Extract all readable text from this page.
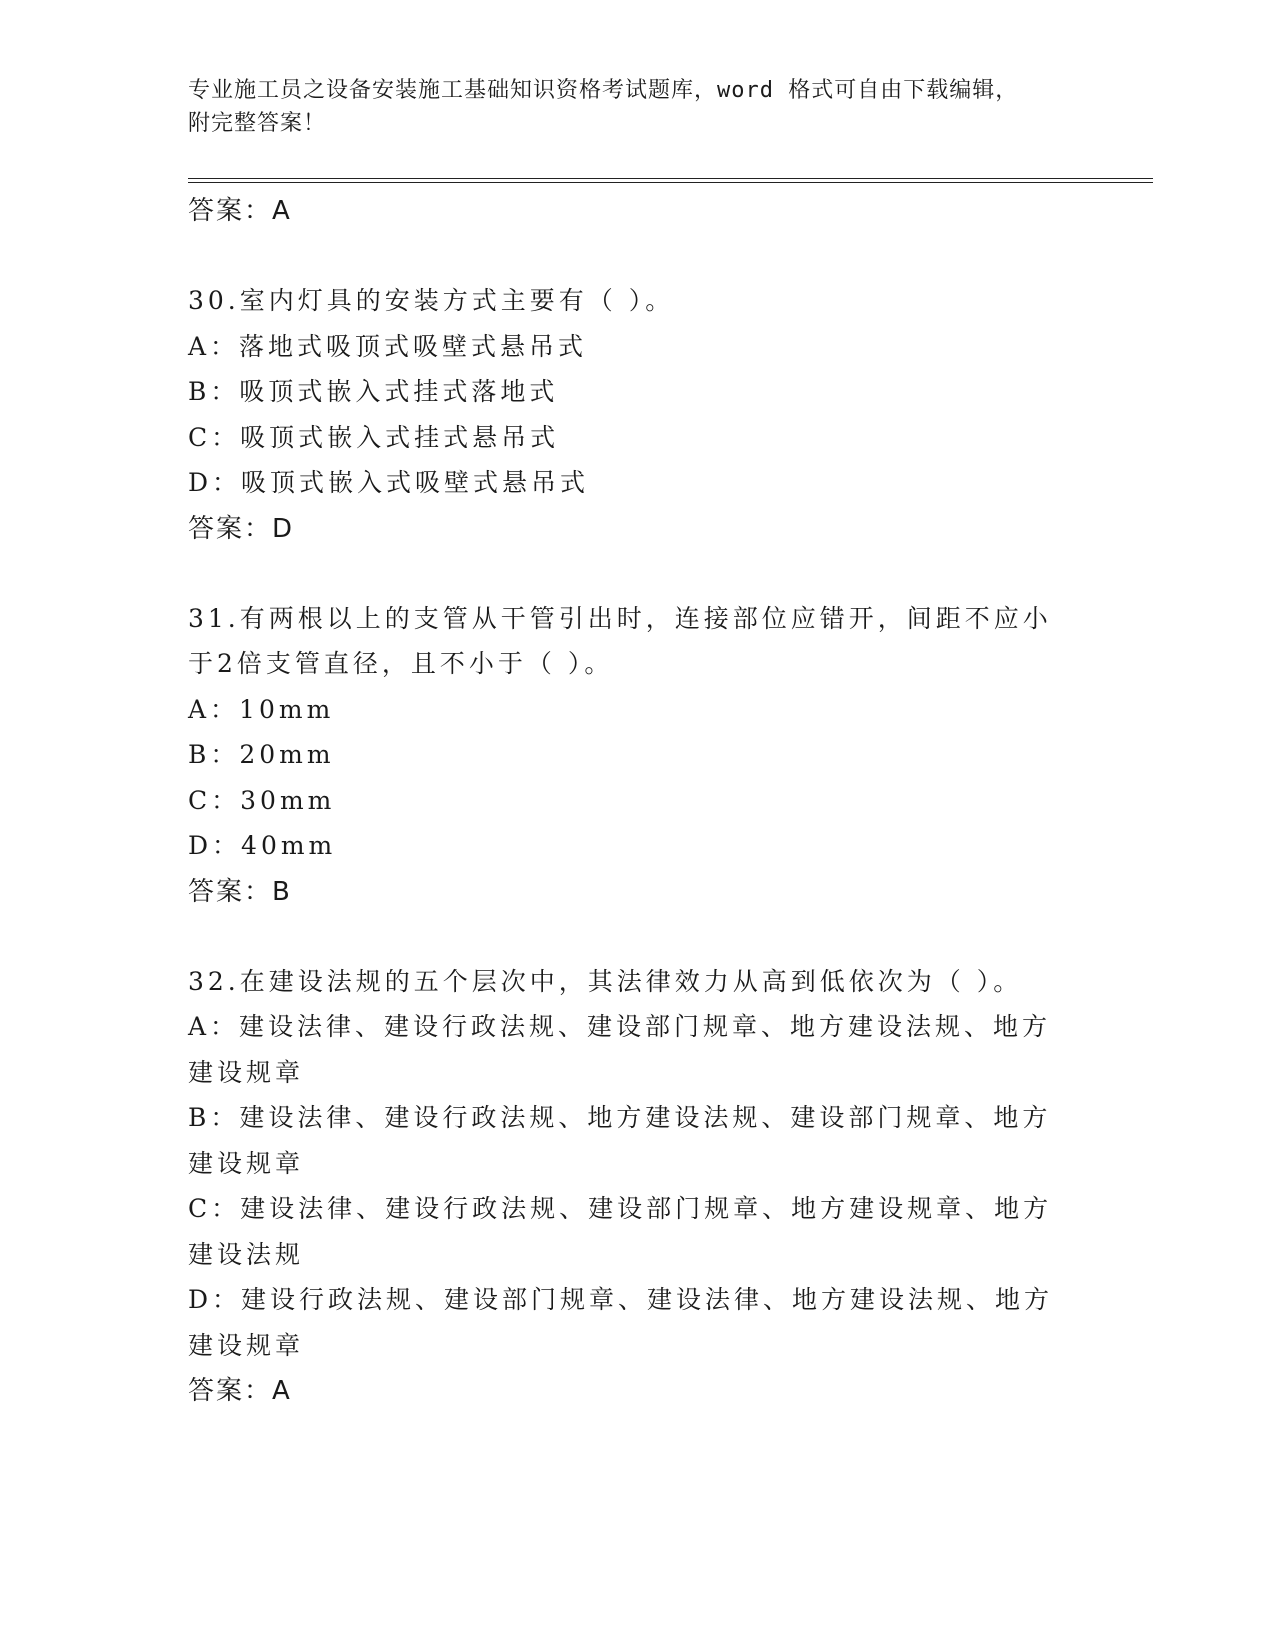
专业施工员之设备安装施工基础知识资格考试题库，word 格式可自由下载编辑，
附完整答案！
答案：A
30.室内灯具的安装方式主要有（ ）。
A：落地式吸顶式吸壁式悬吊式
B：吸顶式嵌入式挂式落地式
C：吸顶式嵌入式挂式悬吊式
D：吸顶式嵌入式吸壁式悬吊式
答案：D
31.有两根以上的支管从干管引出时，连接部位应错开，间距不应小于2倍支管直径，且不小于（ ）。
A：10mm
B：20mm
C：30mm
D：40mm
答案：B
32.在建设法规的五个层次中，其法律效力从高到低依次为（ ）。
A：建设法律、建设行政法规、建设部门规章、地方建设法规、地方建设规章
B：建设法律、建设行政法规、地方建设法规、建设部门规章、地方建设规章
C：建设法律、建设行政法规、建设部门规章、地方建设规章、地方建设法规
D：建设行政法规、建设部门规章、建设法律、地方建设法规、地方建设规章
答案：A
